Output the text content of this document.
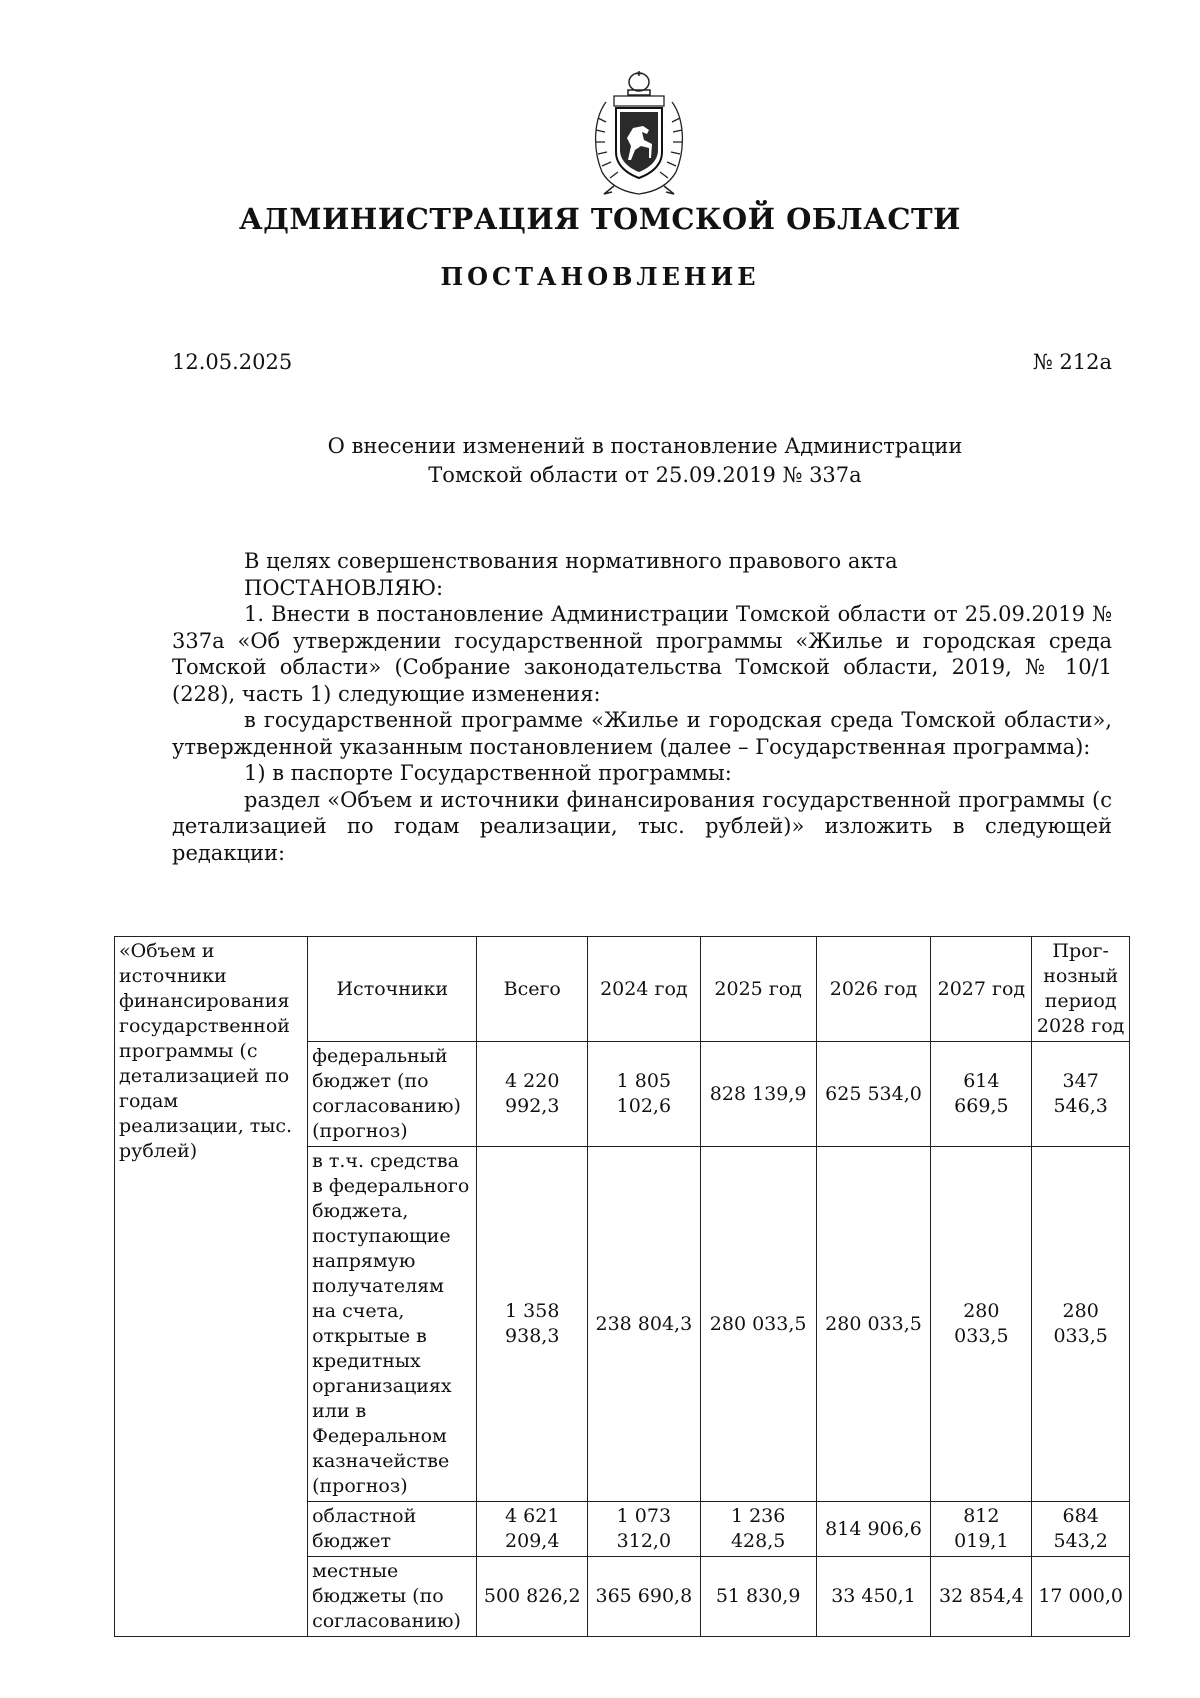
АДМИНИСТРАЦИЯ ТОМСКОЙ ОБЛАСТИ
ПОСТАНОВЛЕНИЕ
12.05.2025	№ 212а
О внесении изменений в постановление Администрации
Томской области от 25.09.2019 № 337а

В целях совершенствования нормативного правового акта

ПОСТАНОВЛЯЮ:

1. Внести в постановление Администрации Томской области от 25.09.2019 № 337а «Об утверждении государственной программы «Жилье и городская среда Томской области» (Собрание законодательства Томской области, 2019, № 10/1 (228), часть 1) следующие изменения:

в государственной программе «Жилье и городская среда Томской области», утвержденной указанным постановлением (далее – Государственная программа):

1) в паспорте Государственной программы:

раздел «Объем и источники финансирования государственной программы (с детализацией по годам реализации, тыс. рублей)» изложить в следующей редакции:

«Объем и источники финансирования государственной программы (с детализацией по годам реализации, тыс. рублей)	Источники	Всего	2024 год	2025 год	2026 год	2027 год	Прог-нозный период 2028 год
	федеральный бюджет (по согласованию) (прогноз)	4 220 992,3	1 805 102,6	828 139,9	625 534,0	614 669,5	347 546,3
	в т.ч. средства в федерального бюджета, поступающие напрямую получателям на счета, открытые в кредитных организациях или в Федеральном казначействе (прогноз)	1 358 938,3	238 804,3	280 033,5	280 033,5	280 033,5	280 033,5
	областной бюджет	4 621 209,4	1 073 312,0	1 236 428,5	814 906,6	812 019,1	684 543,2
	местные бюджеты (по согласованию)	500 826,2	365 690,8	51 830,9	33 450,1	32 854,4	17 000,0
